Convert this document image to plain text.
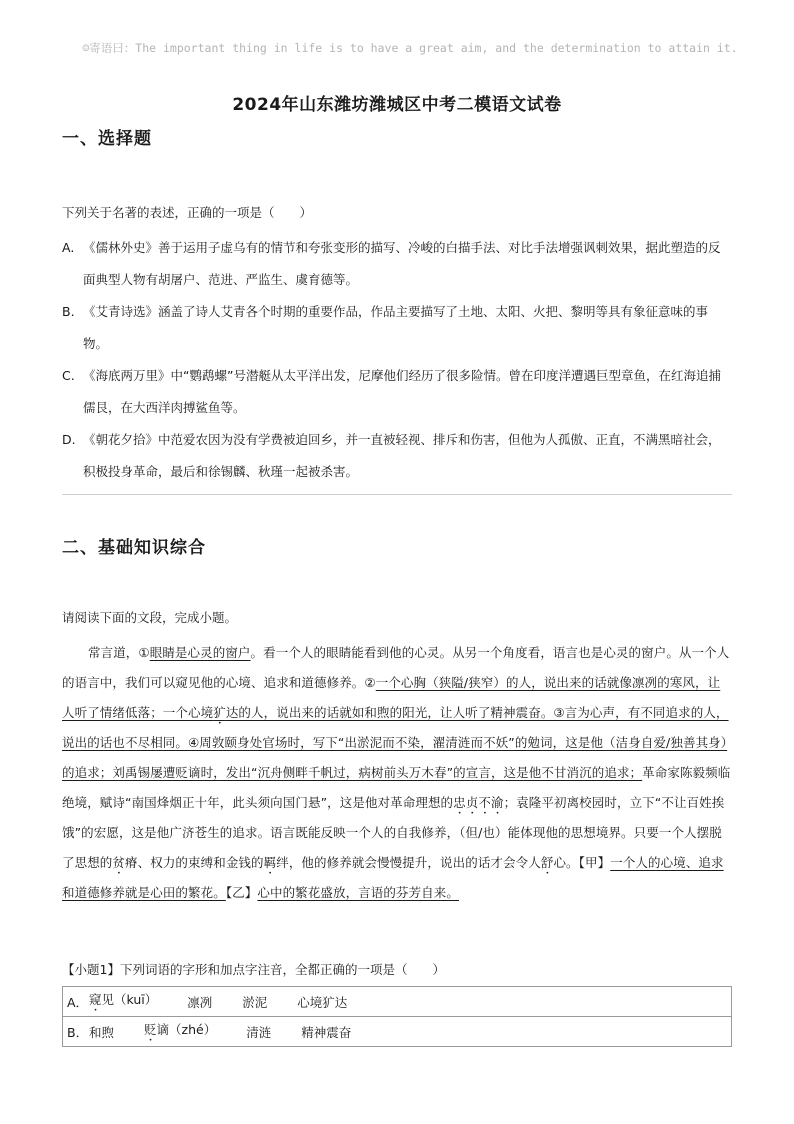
☺寄语曰：The important thing in life is to have a great aim, and the determination to attain it.
2024年山东潍坊潍城区中考二模语文试卷
一、选择题
下列关于名著的表述，正确的一项是（　　）
A. 《儒林外史》善于运用子虚乌有的情节和夸张变形的描写、冷峻的白描手法、对比手法增强讽刺效果，据此塑造的反面典型人物有胡屠户、范进、严监生、虞育德等。
B. 《艾青诗选》涵盖了诗人艾青各个时期的重要作品，作品主要描写了土地、太阳、火把、黎明等具有象征意味的事物。
C. 《海底两万里》中“鹦鹉螺”号潜艇从太平洋出发，尼摩他们经历了很多险情。曾在印度洋遭遇巨型章鱼，在红海追捕儒艮，在大西洋肉搏鲨鱼等。
D. 《朝花夕拾》中范爱农因为没有学费被迫回乡，并一直被轻视、排斥和伤害，但他为人孤傲、正直，不满黑暗社会，积极投身革命，最后和徐锡麟、秋瑾一起被杀害。
二、基础知识综合
请阅读下面的文段，完成小题。
常言道，①眼睛是心灵的窗户。看一个人的眼睛能看到他的心灵。从另一个角度看，语言也是心灵的窗户。从一个人的语言中，我们可以窥见他的心境、追求和道德修养。②一个心胸（狭隘/狭窄）的人，说出来的话就像凛冽的寒风，让人听了情绪低落；一个心境犷达的人，说出来的话就如和煦的阳光，让人听了精神震奋。③言为心声，有不同追求的人，说出的话也不尽相同。④周敦颐身处官场时，写下“出淤泥而不染，濯清涟而不妖”的勉词，这是他（洁身自爱/独善其身）的追求；刘禹锡屡遭贬谪时，发出“沉舟侧畔千帆过，病树前头万木春”的宣言，这是他不甘消沉的追求；革命家陈毅频临绝境，赋诗“南国烽烟正十年，此头须向国门悬”，这是他对革命理想的忠贞不渝；袁隆平初离校园时，立下“不让百姓挨饿”的宏愿，这是他广济苍生的追求。语言既能反映一个人的自我修养，（但/也）能体现他的思想境界。只要一个人摆脱了思想的贫瘠、权力的束缚和金钱的羁绊，他的修养就会慢慢提升，说出的话才会令人舒心。【甲】一个人的心境、追求和道德修养就是心田的繁花。【乙】心中的繁花盛放，言语的芬芳自来。
【小题1】下列词语的字形和加点字注音，全都正确的一项是（　　）
A． 窥见（kuī） 凛冽 淤泥 心境犷达

B． 和煦 贬谪（zhé） 清涟 精神震奋
